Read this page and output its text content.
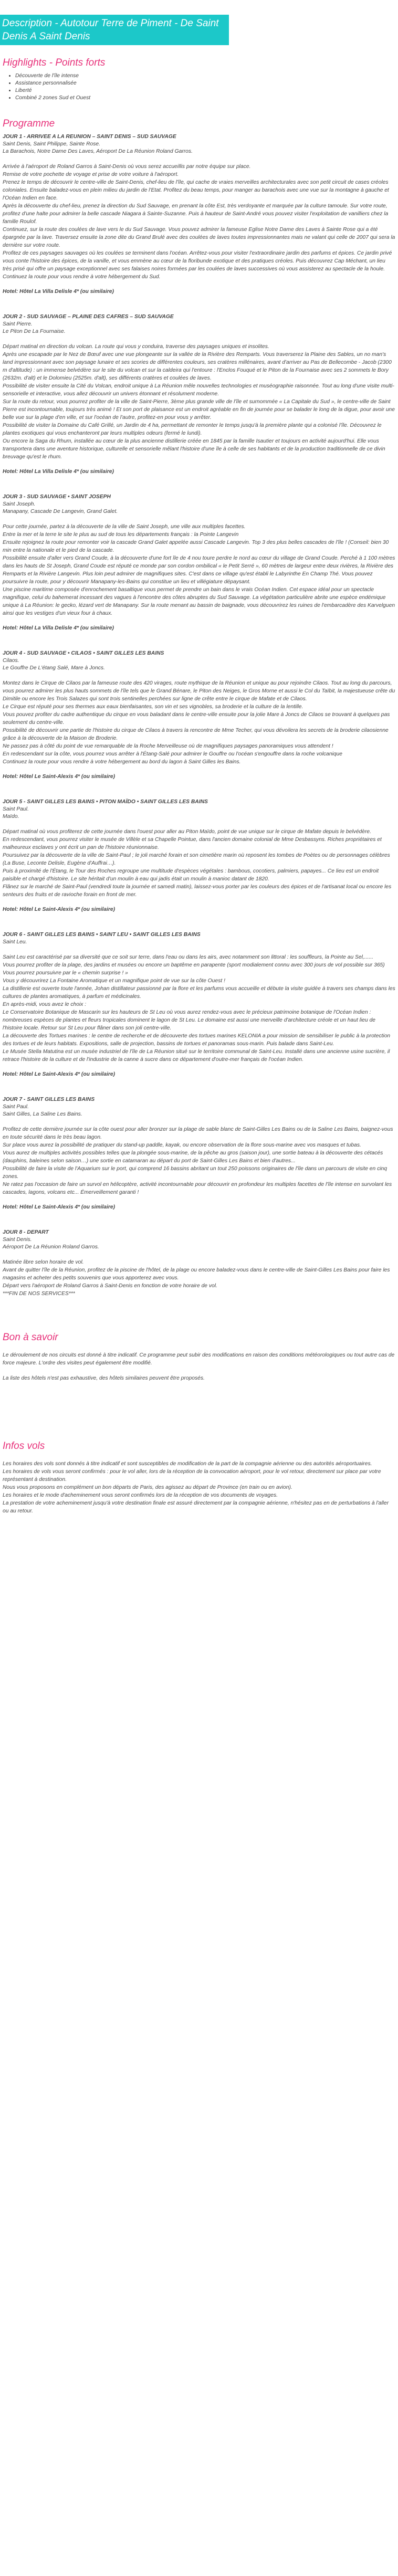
Description - Autotour Terre de Piment - De Saint Denis A Saint Denis
Highlights - Points forts
• Découverte de l'île intense
• Assistance personnalisée
• Liberté
• Combiné 2 zones Sud et Ouest
Programme
JOUR 1 - ARRIVEE A LA REUNION – SAINT DENIS – SUD SAUVAGE
Saint Denis, Saint Philippe, Sainte Rose.
La Barachois, Notre Dame Des Laves, Aéroport De La Réunion Roland Garros.

Arrivée à l'aéroport de Roland Garros à Saint-Denis où vous serez accueillis par notre équipe sur place.

Remise de votre pochette de voyage et prise de votre voiture à l'aéroport.

Prenez le temps de découvrir le centre-ville de Saint-Denis, chef-lieu de l'île, qui cache de vraies merveilles architecturales avec son petit circuit de cases créoles coloniales. Ensuite baladez-vous en plein milieu du jardin de l'Etat. Profitez du beau temps, pour manger au barachois avec une vue sur la montagne à gauche et l'Océan Indien en face.

Après la découverte du chef-lieu, prenez la direction du Sud Sauvage, en prenant la côte Est, très verdoyante et marquée par la culture tamoule. Sur votre route, profitez d'une halte pour admirer la belle cascade Niagara à Sainte-Suzanne. Puis à hauteur de Saint-André vous pouvez visiter l'exploitation de vanilliers chez la famille Roulof.

Continuez, sur la route des coulées de lave vers le du Sud Sauvage. Vous pouvez admirer la fameuse Eglise Notre Dame des Laves à Sainte Rose qui a été épargnée par la lave. Traversez ensuite la zone dite du Grand Brulé avec des coulées de laves toutes impressionnantes mais ne valant qui celle de 2007 qui sera la dernière sur votre route.

Profitez de ces paysages sauvages où les coulées se terminent dans l'océan. Arrêtez-vous pour visiter l'extraordinaire jardin des parfums et épices. Ce jardin privé vous conte l'histoire des épices, de la vanille, et vous emmène au cœur de la floribunde exotique et des pratiques créoles. Puis découvrez Cap Méchant, un lieu très prisé qui offre un paysage exceptionnel avec ses falaises noires formées par les coulées de laves successives où vous assisterez au spectacle de la houle.

Continuez la route pour vous rendre à votre hébergement du Sud.

Hotel: Hôtel La Villa Delisle 4* (ou similaire)
JOUR 2 - SUD SAUVAGE – PLAINE DES CAFRES – SUD SAUVAGE
Saint Pierre.
Le Piton De La Fournaise.

Départ matinal en direction du volcan. La route qui vous y conduira, traverse des paysages uniques et insolites.

Après une escapade par le Nez de Bœuf avec une vue plongeante sur la vallée de la Rivière des Remparts. Vous traverserez la Plaine des Sables, un no man's land impressionnant avec son paysage lunaire et ses scories de différentes couleurs, ses cratères millénaires, avant d'arriver au Pas de Bellecombe - Jacob (2300 m d'altitude) : un immense belvédère sur le site du volcan et sur la caldeira qui l'entoure : l'Enclos Fouqué et le Piton de la Fournaise avec ses 2 sommets le Bory (2632m. d'alt) et le Dolomieu (2525m. d'alt), ses différents cratères et coulées de laves.

Possibilité de visiter ensuite la Cité du Volcan, endroit unique à La Réunion mêle nouvelles technologies et muséographie raisonnée. Tout au long d'une visite multi-sensorielle et interactive, vous allez découvrir un univers étonnant et résolument moderne.

Sur la route du retour, vous pourrez profiter de la ville de Saint-Pierre, 3ème plus grande ville de l'île et surnommée « La Capitale du Sud », le centre-ville de Saint Pierre est incontournable, toujours très animé ! Et son port de plaisance est un endroit agréable en fin de journée pour se balader le long de la digue, pour avoir une belle vue sur la plage d'en ville, et sur l'océan de l'autre, profitez-en pour vous y arrêter.

Possibilité de visiter la Domaine du Café Grillé, un Jardin de 4 ha, permettant de remonter le temps jusqu'à la première plante qui a colonisé l'île. Découvrez le plantes exotiques qui vous enchanteront par leurs multiples odeurs (fermé le lundi).

Ou encore la Saga du Rhum, installée au cœur de la plus ancienne distillerie créée en 1845 par la famille Isautier et toujours en activité aujourd'hui. Elle vous transportera dans une aventure historique, culturelle et sensorielle mêlant l'histoire d'une île à celle de ses habitants et de la production traditionnelle de ce divin breuvage qu'est le rhum.

Hotel: Hôtel La Villa Delisle 4* (ou similaire)
JOUR 3 - SUD SAUVAGE • SAINT JOSEPH
Saint Joseph.
Manapany, Cascade De Langevin, Grand Galet.

Pour cette journée, partez à la découverte de la ville de Saint Joseph, une ville aux multiples facettes.

Entre la mer et la terre le site le plus au sud de tous les départements français : la Pointe Langevin

Ensuite rejoignez la route pour remonter voir la cascade Grand Galet appelée aussi Cascade Langevin. Top 3 des plus belles cascades de l'île ! (Conseil: bien 30 min entre la nationale et le pied de la cascade.

Possibilité ensuite d'aller vers Grand Coude, à la découverte d'une fort île de 4 nou toure perdre le nord au cœur du village de Grand Coude. Perché à 1 100 mètres dans les hauts de St Joseph, Grand Coude est réputé ce monde par son cordon ombilical « le Petit Serré », 60 mètres de largeur entre deux rivières, la Rivière des Remparts et la Rivière Langevin. Plus loin peut admirer de magnifiques sites. C'est dans ce village qu'est établi le Labyrinthe En Champ Thé. Vous pouvez poursuivre la route, pour y découvrir Manapany-les-Bains qui constitue un lieu et villégiature dépaysant.

Une piscine maritime composée d'enrochement basaltique vous permet de prendre un bain dans le vrais Océan Indien. Cet espace idéal pour un spectacle magnifique, celui du bahemerat incessant des vagues à l'encontre des côtes abruptes du Sud Sauvage. La végétation particulière abrite une espèce endémique unique à La Réunion: le gecko, lézard vert de Manapany. Sur la route menant au bassin de baignade, vous découvrirez les ruines de l'embarcadère des Karvelguen ainsi que les vestiges d'un vieux four à chaux.

Hotel: Hôtel La Villa Delisle 4* (ou similaire)
JOUR 4 - SUD SAUVAGE • CILAOS • SAINT GILLES LES BAINS
Cilaos.
Le Gouffre De L'étang Salé, Mare à Joncs.

Montez dans le Cirque de Cilaos par la fameuse route des 420 virages, route mythique de la Réunion et unique au pour rejoindre Cilaos. Tout au long du parcours, vous pourrez admirer les plus hauts sommets de l'île tels que le Grand Bénare, le Piton des Neiges, le Gros Morne et aussi le Col du Taïbit, la majestueuse crête du Dimitile ou encore les Trois Salazes qui sont trois sentinelles perchées sur ligne de crête entre le cirque de Mafate et de Cilaos.

Le Cirque est réputé pour ses thermes aux eaux bienfaisantes, son vin et ses vignobles, sa broderie et la culture de la lentille.

Vous pouvez profiter du cadre authentique du cirque en vous baladant dans le centre-ville ensuite pour la jolie Mare à Joncs de Cilaos se trouvant à quelques pas seulement du centre-ville.

Possibilité de découvrir une partie de l'histoire du cirque de Cilaos à travers la rencontre de Mme Techer, qui vous dévoilera les secrets de la broderie cilaosienne grâce à la découverte de la Maison de Broderie.

Ne passez pas à côté du point de vue remarquable de la Roche Merveilleuse où de magnifiques paysages panoramiques vous attendent !

En redescendant sur la côte, vous pourrez vous arrêter à l'Étang-Salé pour admirer le Gouffre ou l'océan s'engouffre dans la roche volcanique

Continuez la route pour vous rendre à votre hébergement au bord du lagon à Saint Gilles les Bains.

Hotel: Hôtel Le Saint-Alexis 4* (ou similaire)
JOUR 5 - SAINT GILLES LES BAINS • PITON MAÏDO • SAINT GILLES LES BAINS
Saint Paul.
Maïdo.

Départ matinal où vous profiterez de cette journée dans l'ouest pour aller au Piton Maïdo, point de vue unique sur le cirque de Mafate depuis le belvédère.

En redescendant, vous pourrez visiter le musée de Villèle et sa Chapelle Pointue, dans l'ancien domaine colonial de Mme Desbassyns. Riches propriétaires et malheureux esclaves y ont écrit un pan de l'histoire réunionnaise.

Poursuivez par la découverte de la ville de Saint-Paul ; le joli marché forain et son cimetière marin où reposent les tombes de Poètes ou de personnages célèbres (La Buse, Leconte Delisle, Eugène d'Auffrai…).

Puis à proximité de l'Étang, le Tour des Roches regroupe une multitude d'espèces végétales : bambous, cocotiers, palmiers, papayes... Ce lieu est un endroit paisible et chargé d'histoire. Le site héritait d'un moulin à eau qui jadis était un moulin à manioc datant de 1820.

Flânez sur le marché de Saint-Paul (vendredi toute la journée et samedi matin), laissez-vous porter par les couleurs des épices et de l'artisanat local ou encore les senteurs des fruits et de ravioche forain en front de mer.

Hotel: Hôtel Le Saint-Alexis 4* (ou similaire)
JOUR 6 - SAINT GILLES LES BAINS • SAINT LEU • SAINT GILLES LES BAINS
Saint Leu.

Saint Leu est caractérisé par sa diversité que ce soit sur terre, dans l'eau ou dans les airs, avec notamment son littoral : les souffleurs, la Pointe au Sel,......

Vous pourrez profiter de la plage, des jardins et musées ou encore un baptême en parapente (sport modialement connu avec 300 jours de vol possible sur 365)

Vous pourrez poursuivre par le « chemin surprise ! »

Vous y découvrirez La Fontaine Aromatique et un magnifique point de vue sur la côte Ouest !

La distillerie est ouverte toute l'année, Johan distillateur passionné par la flore et les parfums vous accueille et débute la visite guidée à travers ses champs dans les cultures de plantes aromatiques, à parfum et médicinales.

En après-midi, vous avez le choix :

Le Conservatoire Botanique de Mascarin sur les hauteurs de St Leu où vous aurez rendez-vous avec le précieux patrimoine botanique de l'Océan Indien : nombreuses espèces de plantes et fleurs tropicales dominent le lagon de St Leu. Le domaine est aussi une merveille d'architecture créole et un haut lieu de l'histoire locale. Retour sur St Leu pour flâner dans son joli centre-ville.

La découverte des Tortues marines : le centre de recherche et de découverte des tortues marines KELONIA a pour mission de sensibiliser le public à la protection des tortues et de leurs habitats. Expositions, salle de projection, bassins de tortues et panoramas sous-marin. Puis balade dans Saint-Leu.

Le Musée Stella Matutina est un musée industriel de l'île de La Réunion situé sur le territoire communal de Saint-Leu. Installé dans une ancienne usine sucrière, il retrace l'histoire de la culture et de l'industrie de la canne à sucre dans ce département d'outre-mer français de l'océan Indien.

Hotel: Hôtel Le Saint-Alexis 4* (ou similaire)
JOUR 7 - SAINT GILLES LES BAINS
Saint Paul.
Saint Gilles, La Saline Les Bains.

Profitez de cette dernière journée sur la côte ouest pour aller bronzer sur la plage de sable blanc de Saint-Gilles Les Bains ou de la Saline Les Bains, baignez-vous en toute sécurité dans le très beau lagon.

Sur place vous aurez la possibilité de pratiquer du stand-up paddle, kayak, ou encore observation de la flore sous-marine avec vos masques et tubas.

Vous aurez de multiples activités possibles telles que la plongée sous-marine, de la pêche au gros (saison jour), une sortie bateau à la découverte des cétacés (dauphins, baleines selon saison…) une sortie en catamaran au départ du port de Saint-Gilles Les Bains et bien d'autres...

Possibilité de faire la visite de l'Aquarium sur le port, qui comprend 16 bassins abritant un tout 250 poissons originaires de l'île dans un parcours de visite en cinq zones.

Ne ratez pas l'occasion de faire un survol en hélicoptère, activité incontournable pour découvrir en profondeur les multiples facettes de l'île intense en survolant les cascades, lagons, volcans etc... Émerveillement garanti !

Hotel: Hôtel Le Saint-Alexis 4* (ou similaire)
JOUR 8 - DEPART
Saint Denis.
Aéroport De La Réunion Roland Garros.

Matinée libre selon horaire de vol.

Avant de quitter l'île de la Réunion, profitez de la piscine de l'hôtel, de la plage ou encore baladez-vous dans le centre-ville de Saint-Gilles Les Bains pour faire les magasins et acheter des petits souvenirs que vous apporterez avec vous.

Départ vers l'aéroport de Roland Garros à Saint-Denis en fonction de votre horaire de vol.

***FIN DE NOS SERVICES***

Bon à savoir

Le déroulement de nos circuits est donné à titre indicatif. Ce programme peut subir des modifications en raison des conditions météorologiques ou tout autre cas de force majeure. L'ordre des visites peut également être modifié.

La liste des hôtels n'est pas exhaustive, des hôtels similaires peuvent être proposés.

Infos vols

Les horaires des vols sont donnés à titre indicatif et sont susceptibles de modification de la part de la compagnie aérienne ou des autorités aéroportuaires.

Les horaires de vols vous seront confirmés : pour le vol aller, lors de la réception de la convocation aéroport, pour le vol retour, directement sur place par votre représentant à destination.

Nous vous proposons en complément un bon départs de Paris, des agissez au départ de Province (en train ou en avion).

Les horaires et le mode d'acheminement vous seront confirmés lors de la réception de vos documents de voyages.

La prestation de votre acheminement jusqu'à votre destination finale est assuré directement par la compagnie aérienne, n'hésitez pas en de perturbations à l'aller ou au retour.
